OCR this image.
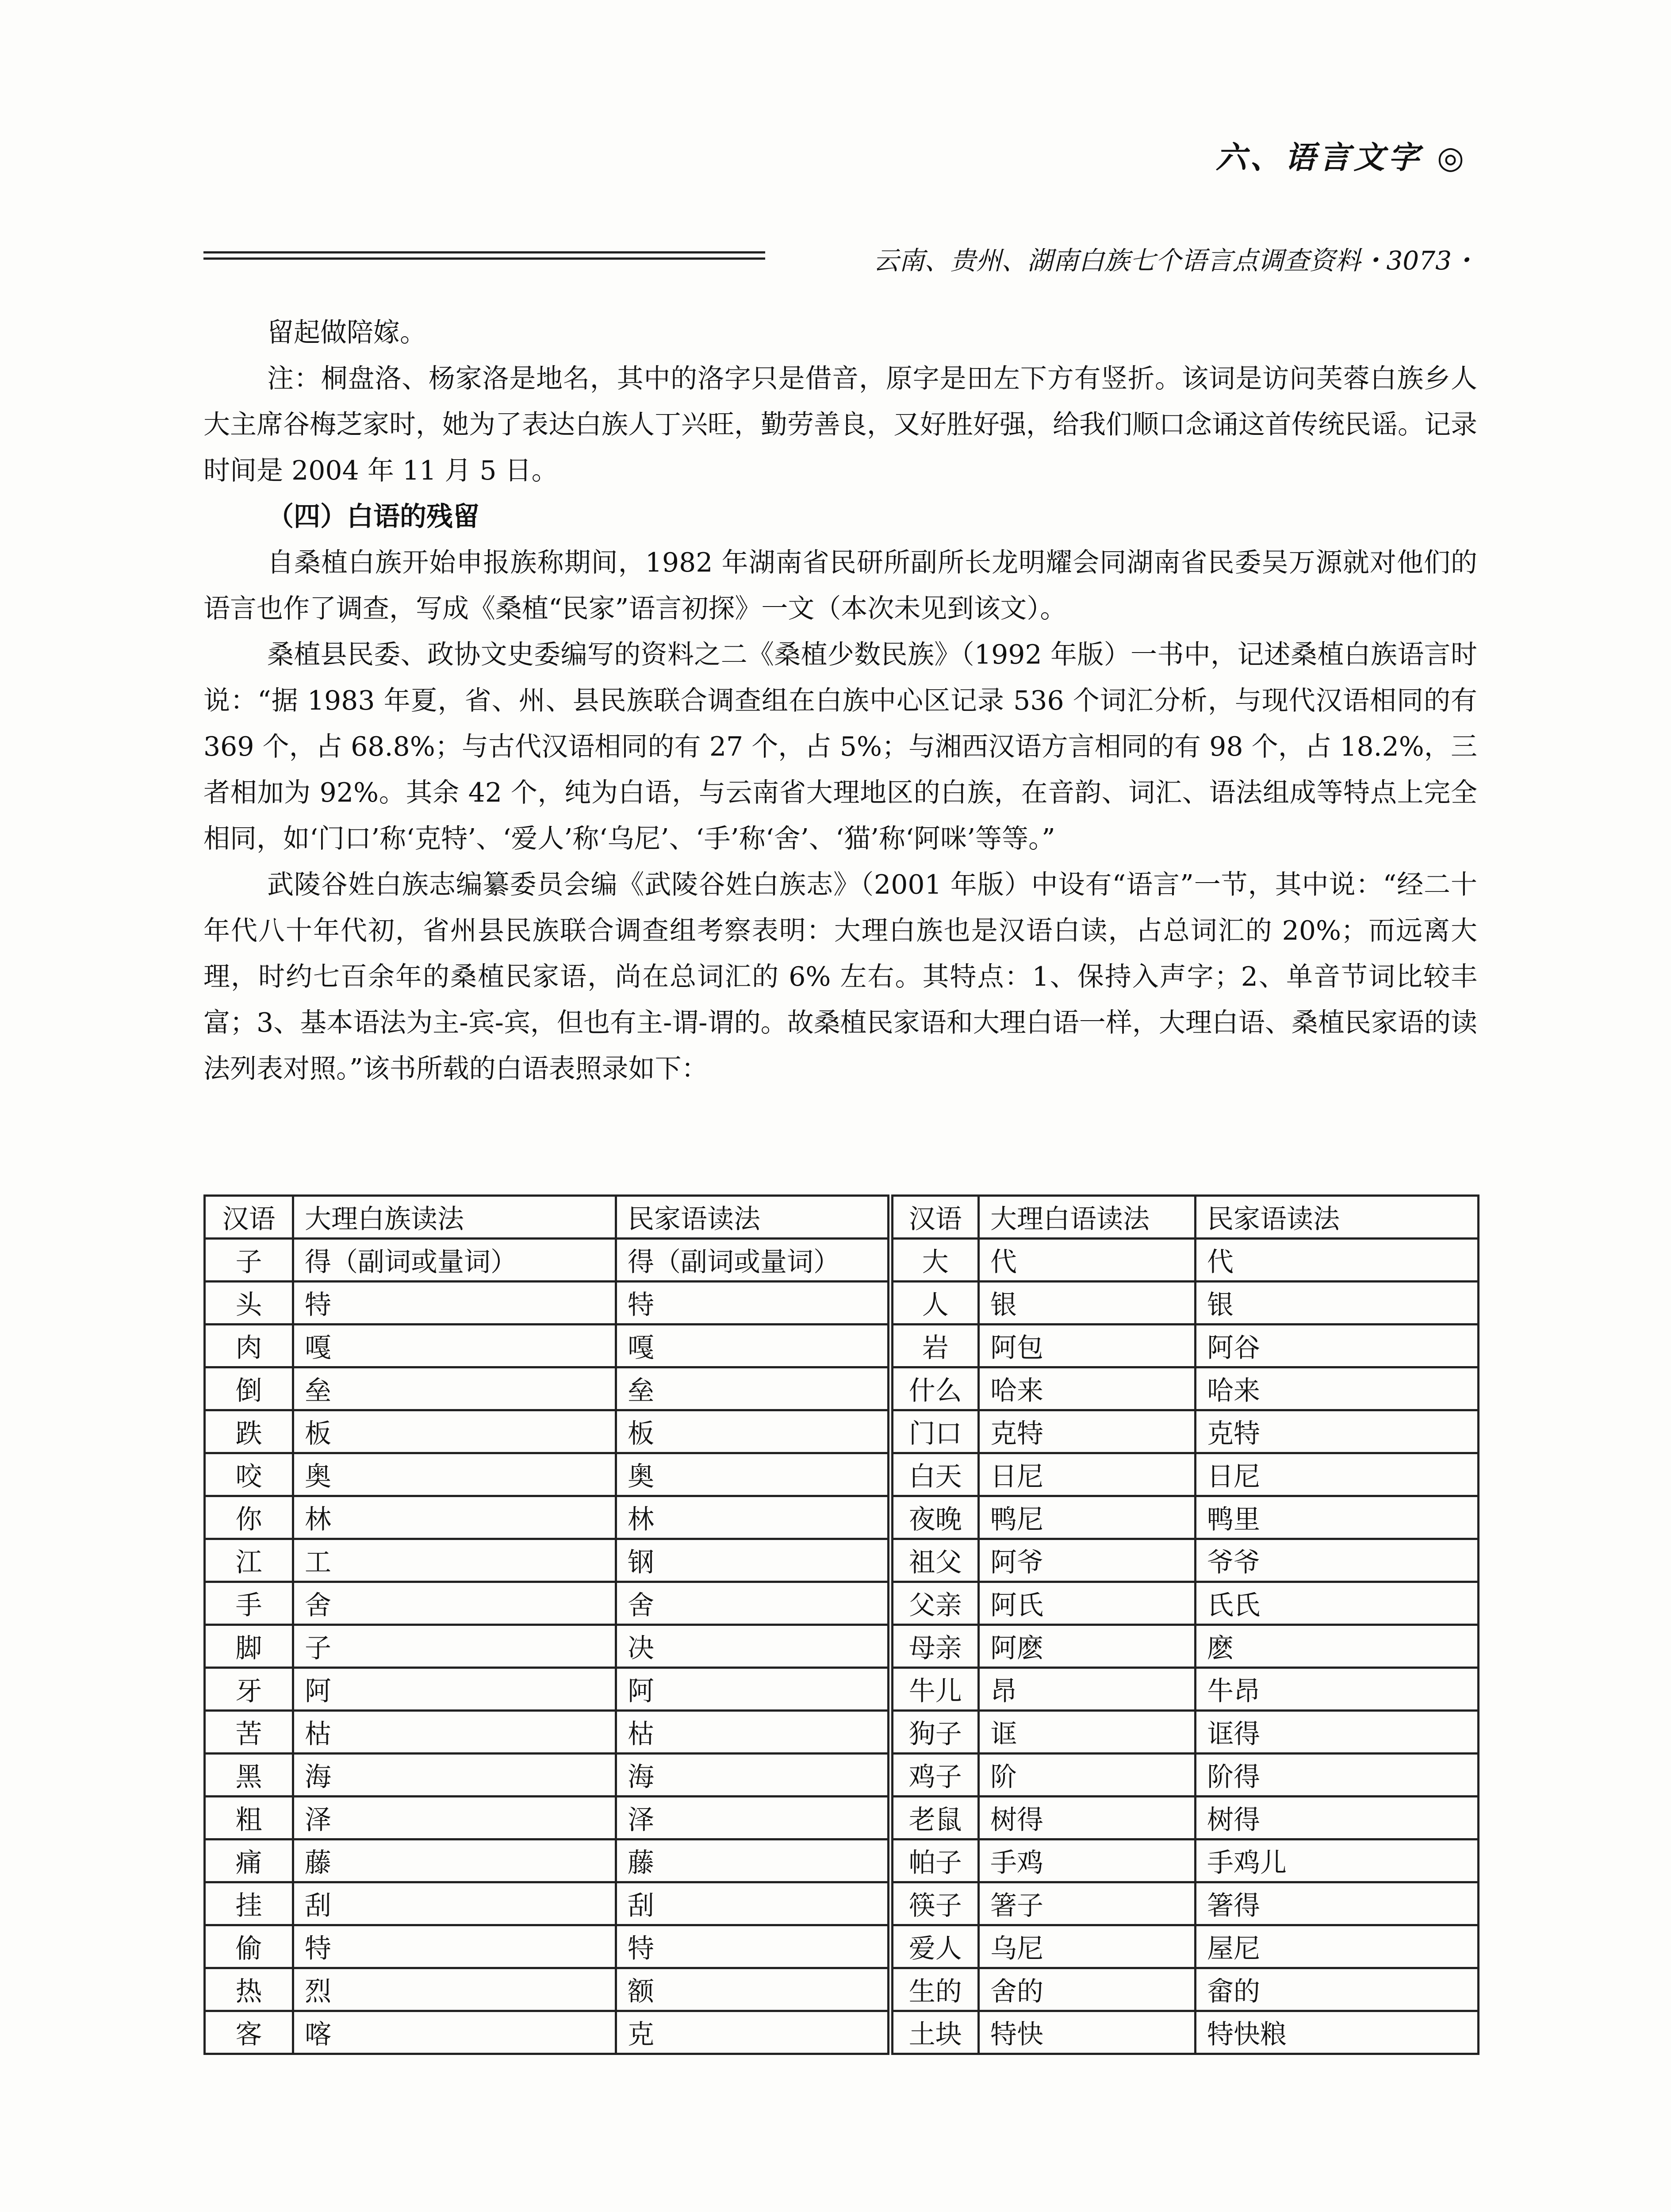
六、语言文字 ◎
云南、贵州、湖南白族七个语言点调查资料・3073・

留起做陪嫁。

注：桐盘洛、杨家洛是地名，其中的洛字只是借音，原字是田左下方有竖折。该词是访问芙蓉白族乡人大主席谷梅芝家时，她为了表达白族人丁兴旺，勤劳善良，又好胜好强，给我们顺口念诵这首传统民谣。记录时间是 2004 年 11 月 5 日。

（四）白语的残留

自桑植白族开始申报族称期间，1982 年湖南省民研所副所长龙明耀会同湖南省民委吴万源就对他们的语言也作了调查，写成《桑植“民家”语言初探》一文（本次未见到该文）。

桑植县民委、政协文史委编写的资料之二《桑植少数民族》（1992 年版）一书中，记述桑植白族语言时说：“据 1983 年夏，省、州、县民族联合调查组在白族中心区记录 536 个词汇分析，与现代汉语相同的有 369 个，占 68.8%；与古代汉语相同的有 27 个，占 5%；与湘西汉语方言相同的有 98 个，占 18.2%，三者相加为 92%。其余 42 个，纯为白语，与云南省大理地区的白族，在音韵、词汇、语法组成等特点上完全相同，如‘门口’称‘克特’、‘爱人’称‘乌尼’、‘手’称‘舍’、‘猫’称‘阿咪’等等。”

武陵谷姓白族志编纂委员会编《武陵谷姓白族志》（2001 年版）中设有“语言”一节，其中说：“经二十年代八十年代初，省州县民族联合调查组考察表明：大理白族也是汉语白读，占总词汇的 20%；而远离大理，时约七百余年的桑植民家语，尚在总词汇的 6% 左右。其特点：1、保持入声字；2、单音节词比较丰富；3、基本语法为主-宾-宾，但也有主-谓-谓的。故桑植民家语和大理白语一样，大理白语、桑植民家语的读法列表对照。”该书所载的白语表照录如下：

汉语	大理白族读法	民家语读法	汉语	大理白语读法	民家语读法
子	得（副词或量词）	得（副词或量词）	大	代	代
头	特	特	人	银	银
肉	嘎	嘎	岩	阿包	阿谷
倒	垒	垒	什么	哈来	哈来
跌	板	板	门口	克特	克特
咬	奥	奥	白天	日尼	日尼
你	林	林	夜晚	鸭尼	鸭里
江	工	钢	祖父	阿爷	爷爷
手	舍	舍	父亲	阿氏	氏氏
脚	子	决	母亲	阿麽	麽
牙	阿	阿	牛儿	昂	牛昂
苦	枯	枯	狗子	诓	诓得
黑	海	海	鸡子	阶	阶得
粗	泽	泽	老鼠	树得	树得
痛	藤	藤	帕子	手鸡	手鸡儿
挂	刮	刮	筷子	箸子	箸得
偷	特	特	爱人	乌尼	屋尼
热	烈	额	生的	舍的	畲的
客	喀	克	土块	特快	特快粮
